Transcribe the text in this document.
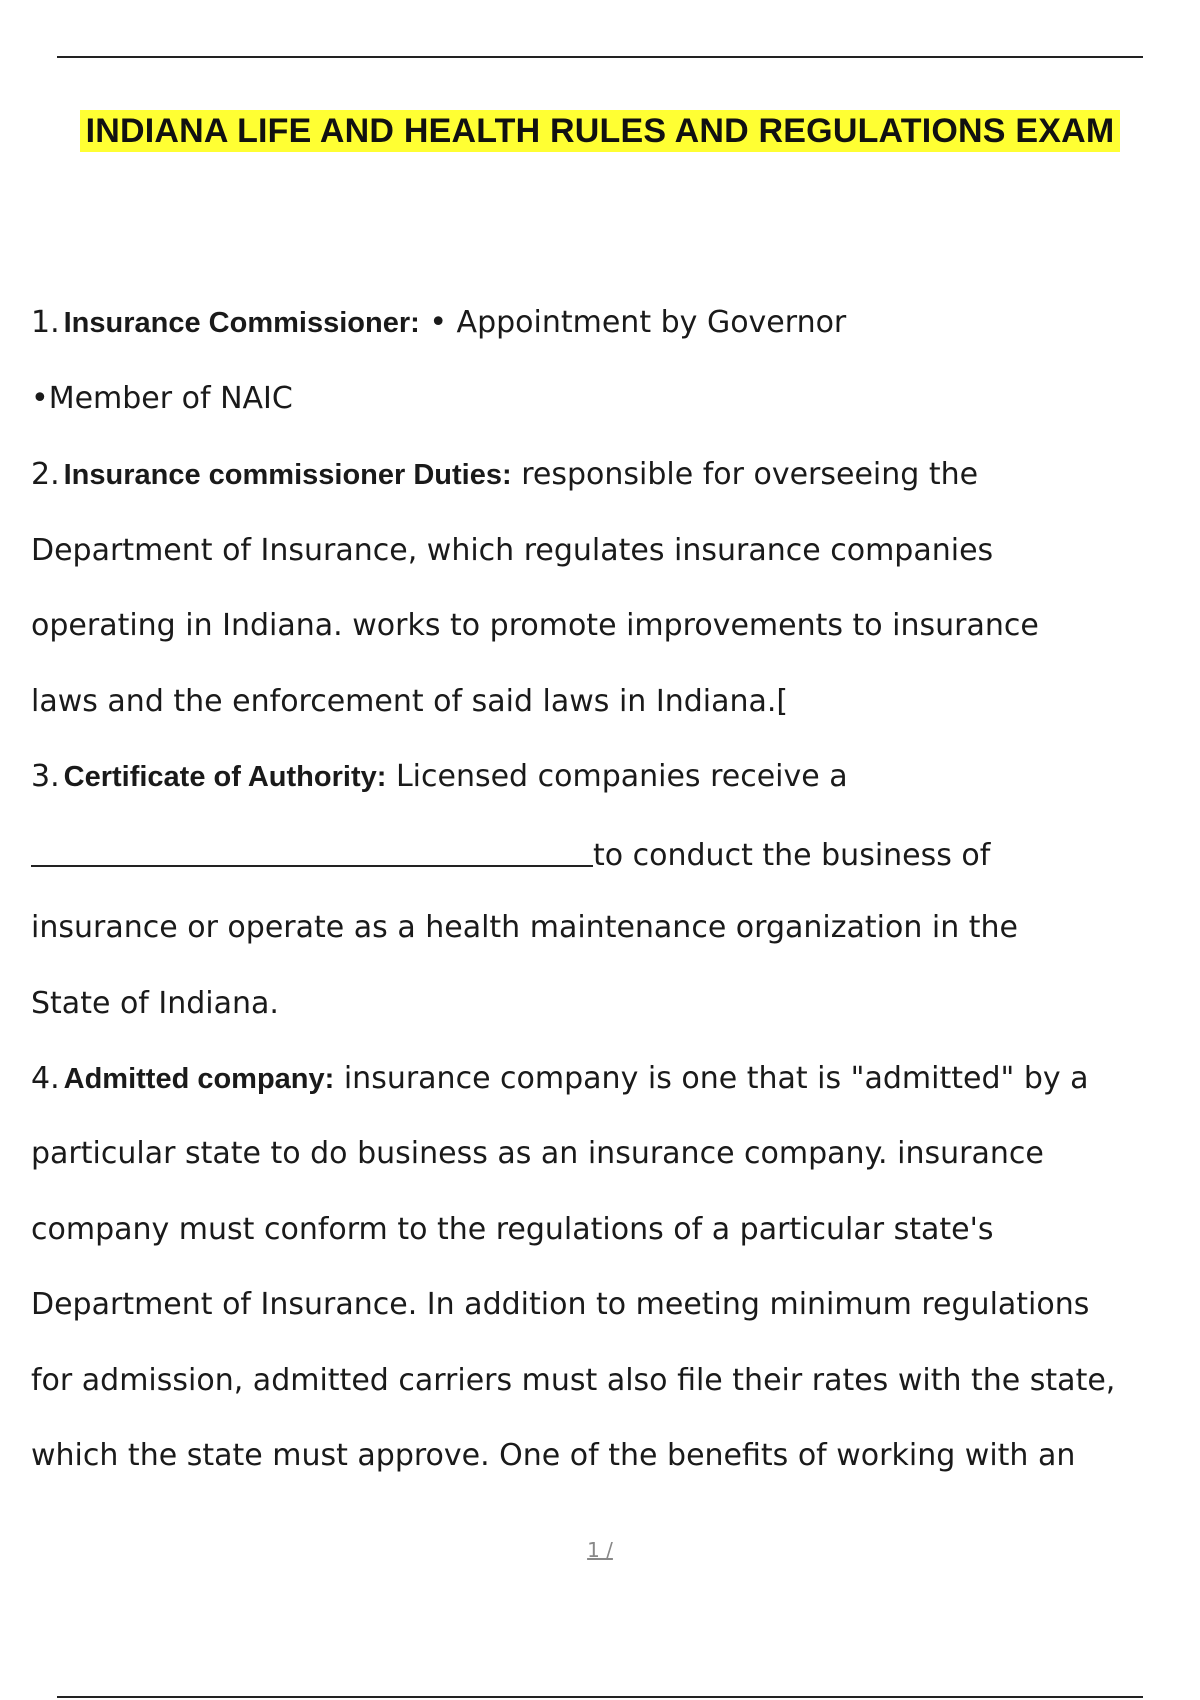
INDIANA LIFE AND HEALTH RULES AND REGULATIONS EXAM
1. Insurance Commissioner: • Appointment by Governor
•Member of NAIC
2. Insurance commissioner Duties: responsible for overseeing the
Department of Insurance, which regulates insurance companies
operating in Indiana. works to promote improvements to insurance
laws and the enforcement of said laws in Indiana.[
3. Certificate of Authority: Licensed companies receive a
to conduct the business of
insurance or operate as a health maintenance organization in the
State of Indiana.
4. Admitted company: insurance company is one that is "admitted" by a
particular state to do business as an insurance company. insurance
company must conform to the regulations of a particular state's
Department of Insurance. In addition to meeting minimum regulations
for admission, admitted carriers must also file their rates with the state,
which the state must approve. One of the benefits of working with an
1 /
